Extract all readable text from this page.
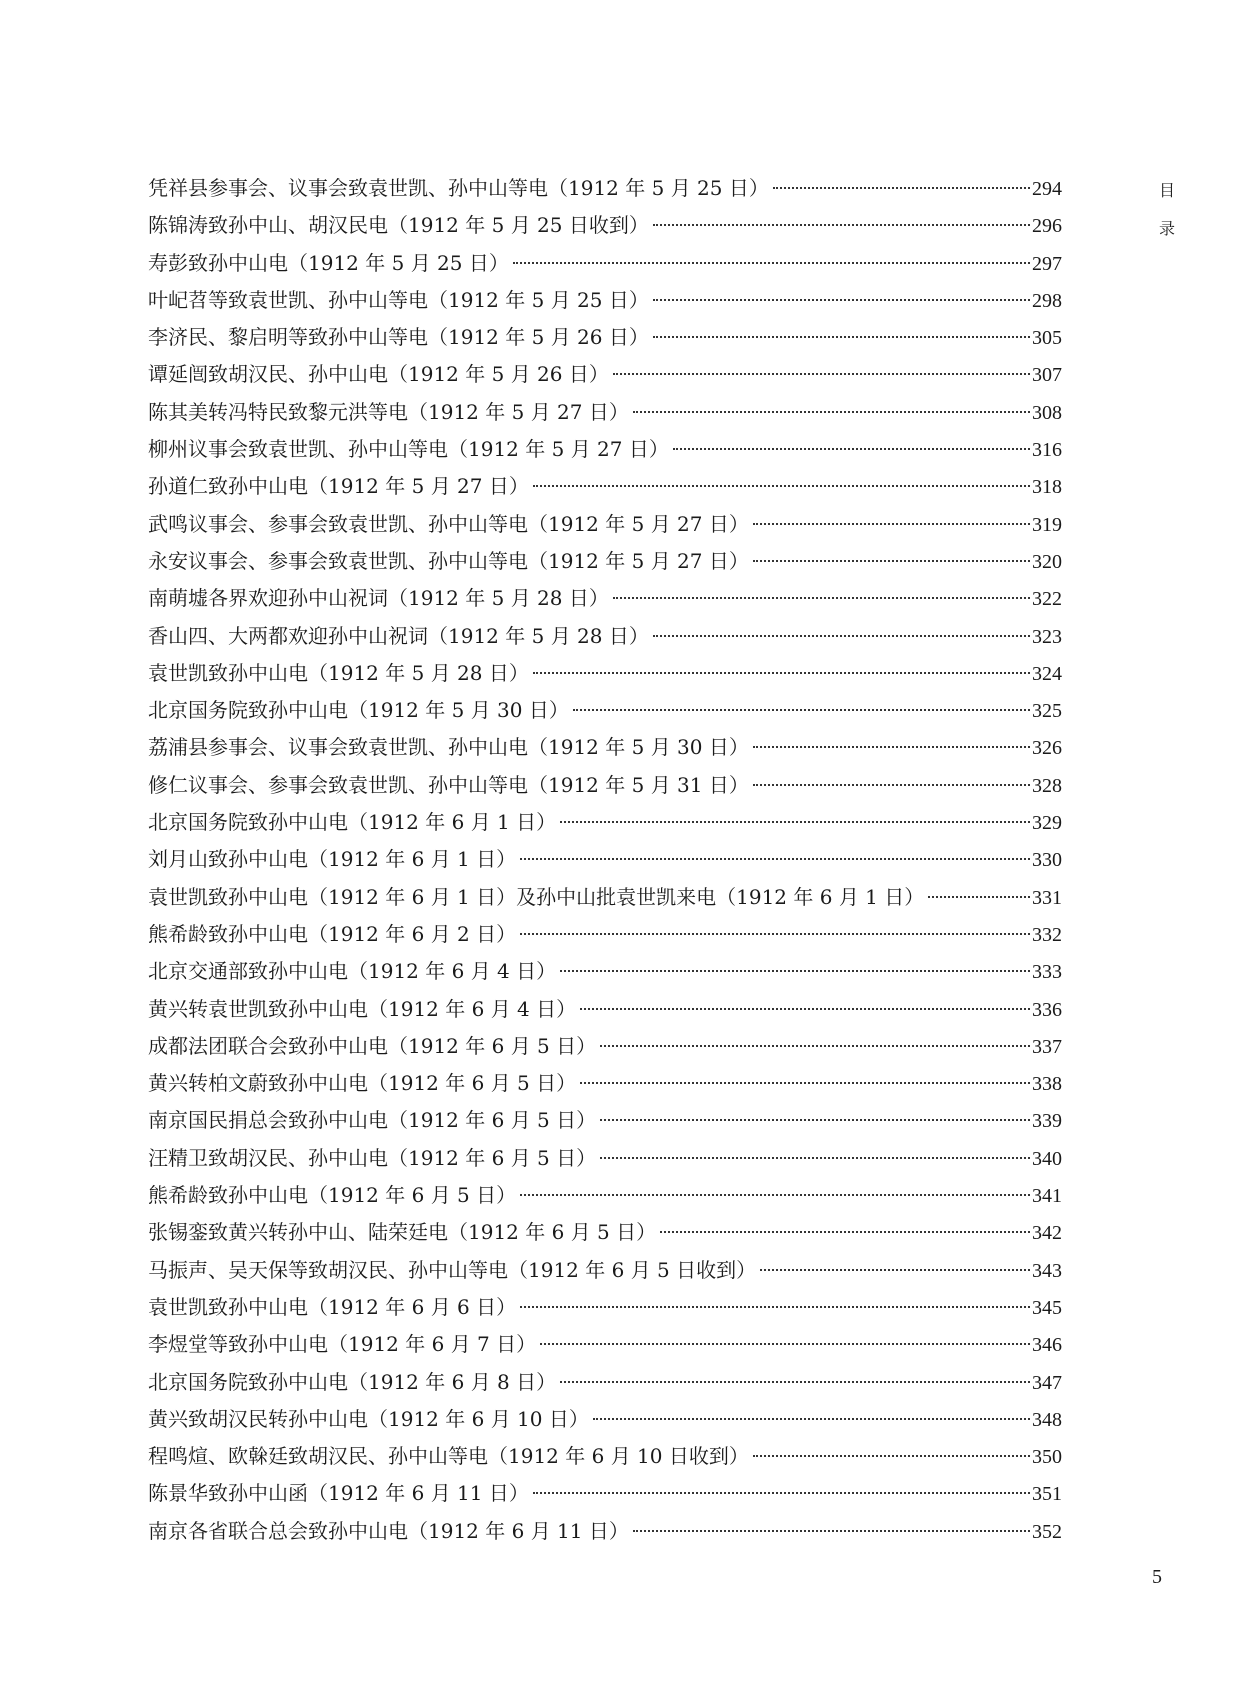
目
录
凭祥县参事会、议事会致袁世凯、孙中山等电（1912 年 5 月 25 日）	294
陈锦涛致孙中山、胡汉民电（1912 年 5 月 25 日收到）	296
寿彭致孙中山电（1912 年 5 月 25 日）	297
叶屺苕等致袁世凯、孙中山等电（1912 年 5 月 25 日）	298
李济民、黎启明等致孙中山等电（1912 年 5 月 26 日）	305
谭延闿致胡汉民、孙中山电（1912 年 5 月 26 日）	307
陈其美转冯特民致黎元洪等电（1912 年 5 月 27 日）	308
柳州议事会致袁世凯、孙中山等电（1912 年 5 月 27 日）	316
孙道仁致孙中山电（1912 年 5 月 27 日）	318
武鸣议事会、参事会致袁世凯、孙中山等电（1912 年 5 月 27 日）	319
永安议事会、参事会致袁世凯、孙中山等电（1912 年 5 月 27 日）	320
南萌墟各界欢迎孙中山祝词（1912 年 5 月 28 日）	322
香山四、大两都欢迎孙中山祝词（1912 年 5 月 28 日）	323
袁世凯致孙中山电（1912 年 5 月 28 日）	324
北京国务院致孙中山电（1912 年 5 月 30 日）	325
荔浦县参事会、议事会致袁世凯、孙中山电（1912 年 5 月 30 日）	326
修仁议事会、参事会致袁世凯、孙中山等电（1912 年 5 月 31 日）	328
北京国务院致孙中山电（1912 年 6 月 1 日）	329
刘月山致孙中山电（1912 年 6 月 1 日）	330
袁世凯致孙中山电（1912 年 6 月 1 日）及孙中山批袁世凯来电（1912 年 6 月 1 日）	331
熊希龄致孙中山电（1912 年 6 月 2 日）	332
北京交通部致孙中山电（1912 年 6 月 4 日）	333
黄兴转袁世凯致孙中山电（1912 年 6 月 4 日）	336
成都法团联合会致孙中山电（1912 年 6 月 5 日）	337
黄兴转柏文蔚致孙中山电（1912 年 6 月 5 日）	338
南京国民捐总会致孙中山电（1912 年 6 月 5 日）	339
汪精卫致胡汉民、孙中山电（1912 年 6 月 5 日）	340
熊希龄致孙中山电（1912 年 6 月 5 日）	341
张锡銮致黄兴转孙中山、陆荣廷电（1912 年 6 月 5 日）	342
马振声、吴天保等致胡汉民、孙中山等电（1912 年 6 月 5 日收到）	343
袁世凯致孙中山电（1912 年 6 月 6 日）	345
李煜堂等致孙中山电（1912 年 6 月 7 日）	346
北京国务院致孙中山电（1912 年 6 月 8 日）	347
黄兴致胡汉民转孙中山电（1912 年 6 月 10 日）	348
程鸣煊、欧榦廷致胡汉民、孙中山等电（1912 年 6 月 10 日收到）	350
陈景华致孙中山函（1912 年 6 月 11 日）	351
南京各省联合总会致孙中山电（1912 年 6 月 11 日）	352
5
